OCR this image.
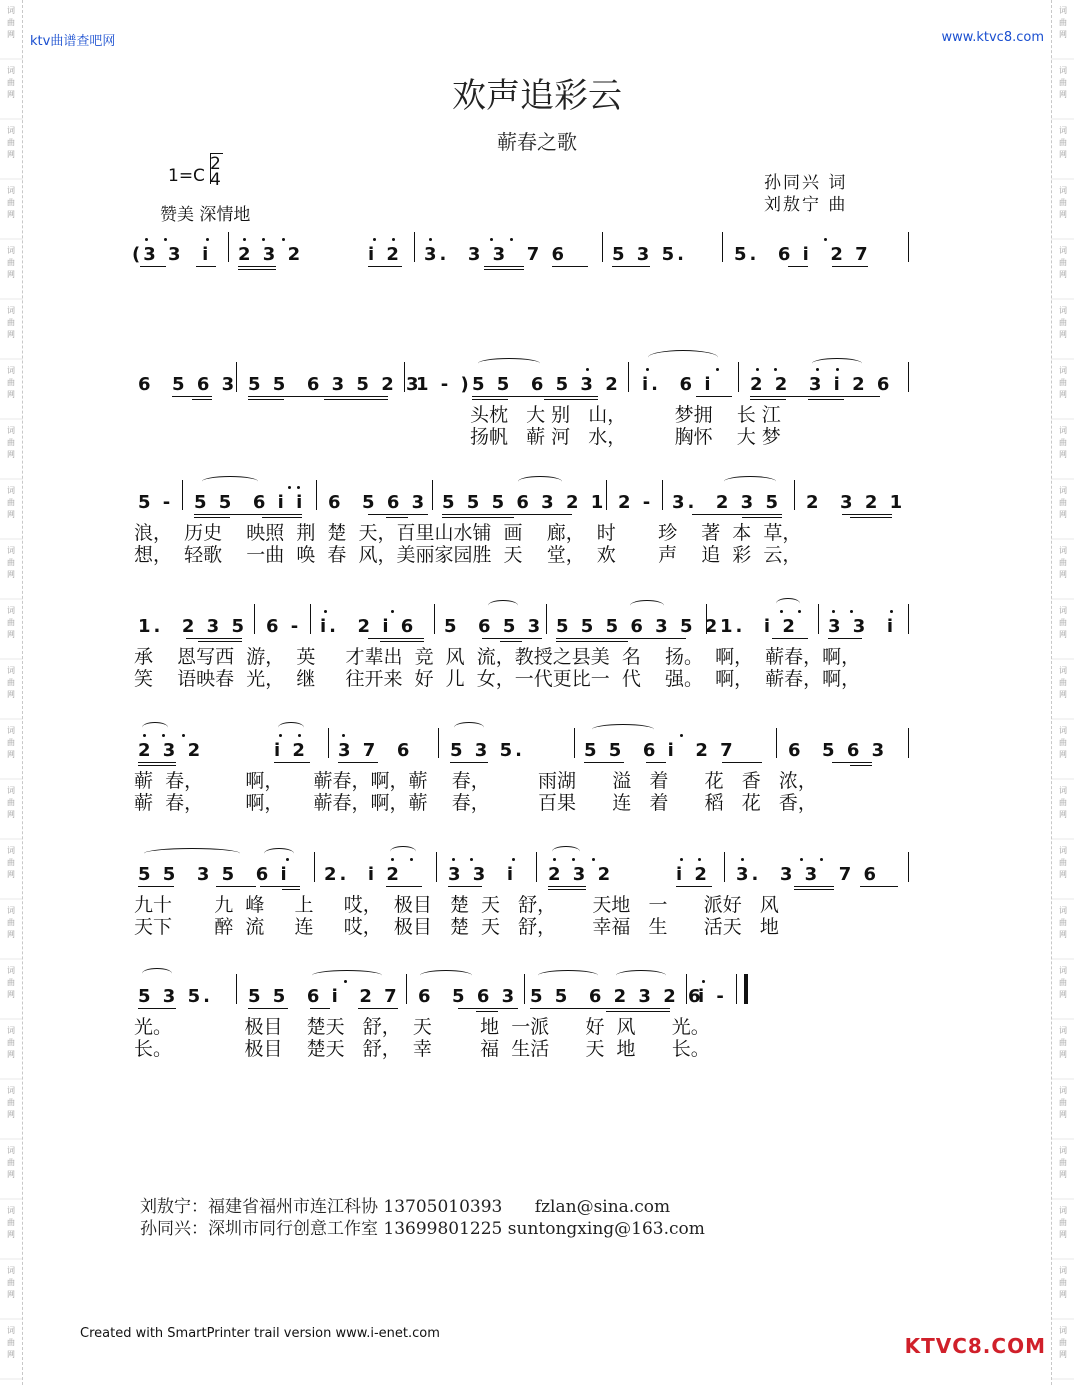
词
曲
网
词
曲
网
词
曲
网
词
曲
网
词
曲
网
词
曲
网
词
曲
网
词
曲
网
词
曲
网
词
曲
网
词
曲
网
词
曲
网
词
曲
网
词
曲
网
词
曲
网
词
曲
网
词
曲
网
词
曲
网
词
曲
网
词
曲
网
词
曲
网
词
曲
网
词
曲
网
词
曲
网
词
曲
网
词
曲
网
词
曲
网
词
曲
网
词
曲
网
词
曲
网
词
曲
网
词
曲
网
词
曲
网
词
曲
网
词
曲
网
词
曲
网
词
曲
网
词
曲
网
词
曲
网
词
曲
网
词
曲
网
词
曲
网
词
曲
网
词
曲
网
词
曲
网
词
曲
网
ktv曲谱查吧网	www.ktvc8.com
欢声追彩云
蕲春之歌
1=C
2
4
赞美 深情地
孙同兴 词
刘敖宁 曲
(3 3  i 2 3 2	i 2 3.  3 3  7 6 5 3 5.	5.  6 i  2 7
6  5 6 3 5 5  6 3 5 2 3
1 - ) 5 5  6 5 3 2 i.  6 i 2 2  3 i 2 6
头枕   大 别   山，        梦拥    长 江
扬帆   蕲 河   水，        胸怀    大 梦
5 - 5 5  6 i i 6  5 6 3 5 5 5 6 3 2 1 2 - 3.  2 3 5 2  3 2 1
浪，  历史    映照  荆  楚  天，百里山水铺  画    廊，  时       珍    著  本  草，
想，  轻歌    一曲  唤  春  风，美丽家园胜  天    堂，  欢       声    追  彩  云，
1.  2 3 5 6 - i.  2 i 6 5  6 5 3 5 5 5 6 3 5 2 1.  i 2 3 3  i
承    恩写西  游，  英     才辈出  竞  风  流，教授之县美  名    扬。  啊，  蕲春，啊，
笑    语映春  光，  继     往开来  好  儿  女，一代更比一  代    强。  啊，  蕲春，啊，
2 3 2	i 2 3 7  6 5 3 5.	5 5  6 i  2 7	6  5 6 3
蕲  春，       啊，     蕲春，啊，蕲    春，        雨湖      溢   着      花   香   浓，
蕲  春，       啊，     蕲春，啊，蕲    春，        百果      连   着      稻   花   香，
5 5  3 5  6 i 2.  i 2	3 3  i 2 3 2	i 2 3.  3 3  7 6
九十       九  峰     上     哎，  极目   楚  天   舒，      天地   一      派好   风
天下       醉  流     连     哎，  极目   楚  天   舒，      幸福   生      活天   地
5 3 5. 5 5  6 i  2 7 6  5 6 3 5 5  6 2 3 2 6
i -
光。            极目    楚天   舒，  天        地  一派      好  风      光。
长。            极目    楚天   舒，  幸        福  生活      天  地      长。
刘敖宁：福建省福州市连江科协 13705010393      fzlan@sina.com
孙同兴：深圳市同行创意工作室 13699801225 suntongxing@163.com
Created with SmartPrinter trail version www.i-enet.com
KTVC8.COM
